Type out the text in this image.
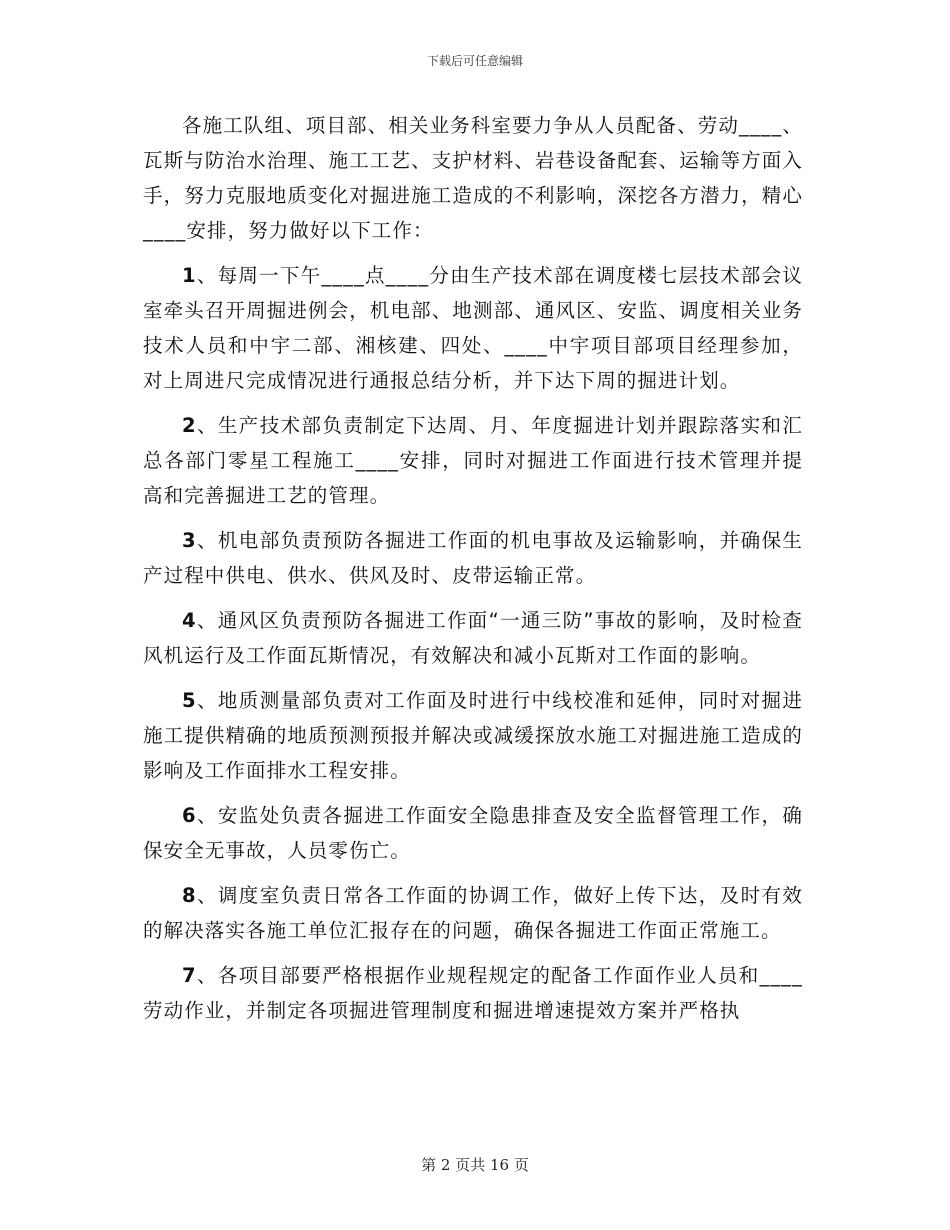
下载后可任意编辑

各施工队组、项目部、相关业务科室要力争从人员配备、劳动____、瓦斯与防治水治理、施工工艺、支护材料、岩巷设备配套、运输等方面入手，努力克服地质变化对掘进施工造成的不利影响，深挖各方潜力，精心____安排，努力做好以下工作：

1、每周一下午____点____分由生产技术部在调度楼七层技术部会议室牵头召开周掘进例会，机电部、地测部、通风区、安监、调度相关业务技术人员和中宇二部、湘核建、四处、____中宇项目部项目经理参加，对上周进尺完成情况进行通报总结分析，并下达下周的掘进计划。

2、生产技术部负责制定下达周、月、年度掘进计划并跟踪落实和汇总各部门零星工程施工____安排，同时对掘进工作面进行技术管理并提高和完善掘进工艺的管理。

3、机电部负责预防各掘进工作面的机电事故及运输影响，并确保生产过程中供电、供水、供风及时、皮带运输正常。

4、通风区负责预防各掘进工作面“一通三防”事故的影响，及时检查风机运行及工作面瓦斯情况，有效解决和减小瓦斯对工作面的影响。

5、地质测量部负责对工作面及时进行中线校准和延伸，同时对掘进施工提供精确的地质预测预报并解决或减缓探放水施工对掘进施工造成的影响及工作面排水工程安排。

6、安监处负责各掘进工作面安全隐患排查及安全监督管理工作，确保安全无事故，人员零伤亡。

8、调度室负责日常各工作面的协调工作，做好上传下达，及时有效的解决落实各施工单位汇报存在的问题，确保各掘进工作面正常施工。

7、各项目部要严格根据作业规程规定的配备工作面作业人员和____劳动作业，并制定各项掘进管理制度和掘进增速提效方案并严格执

第 2 页共 16 页
